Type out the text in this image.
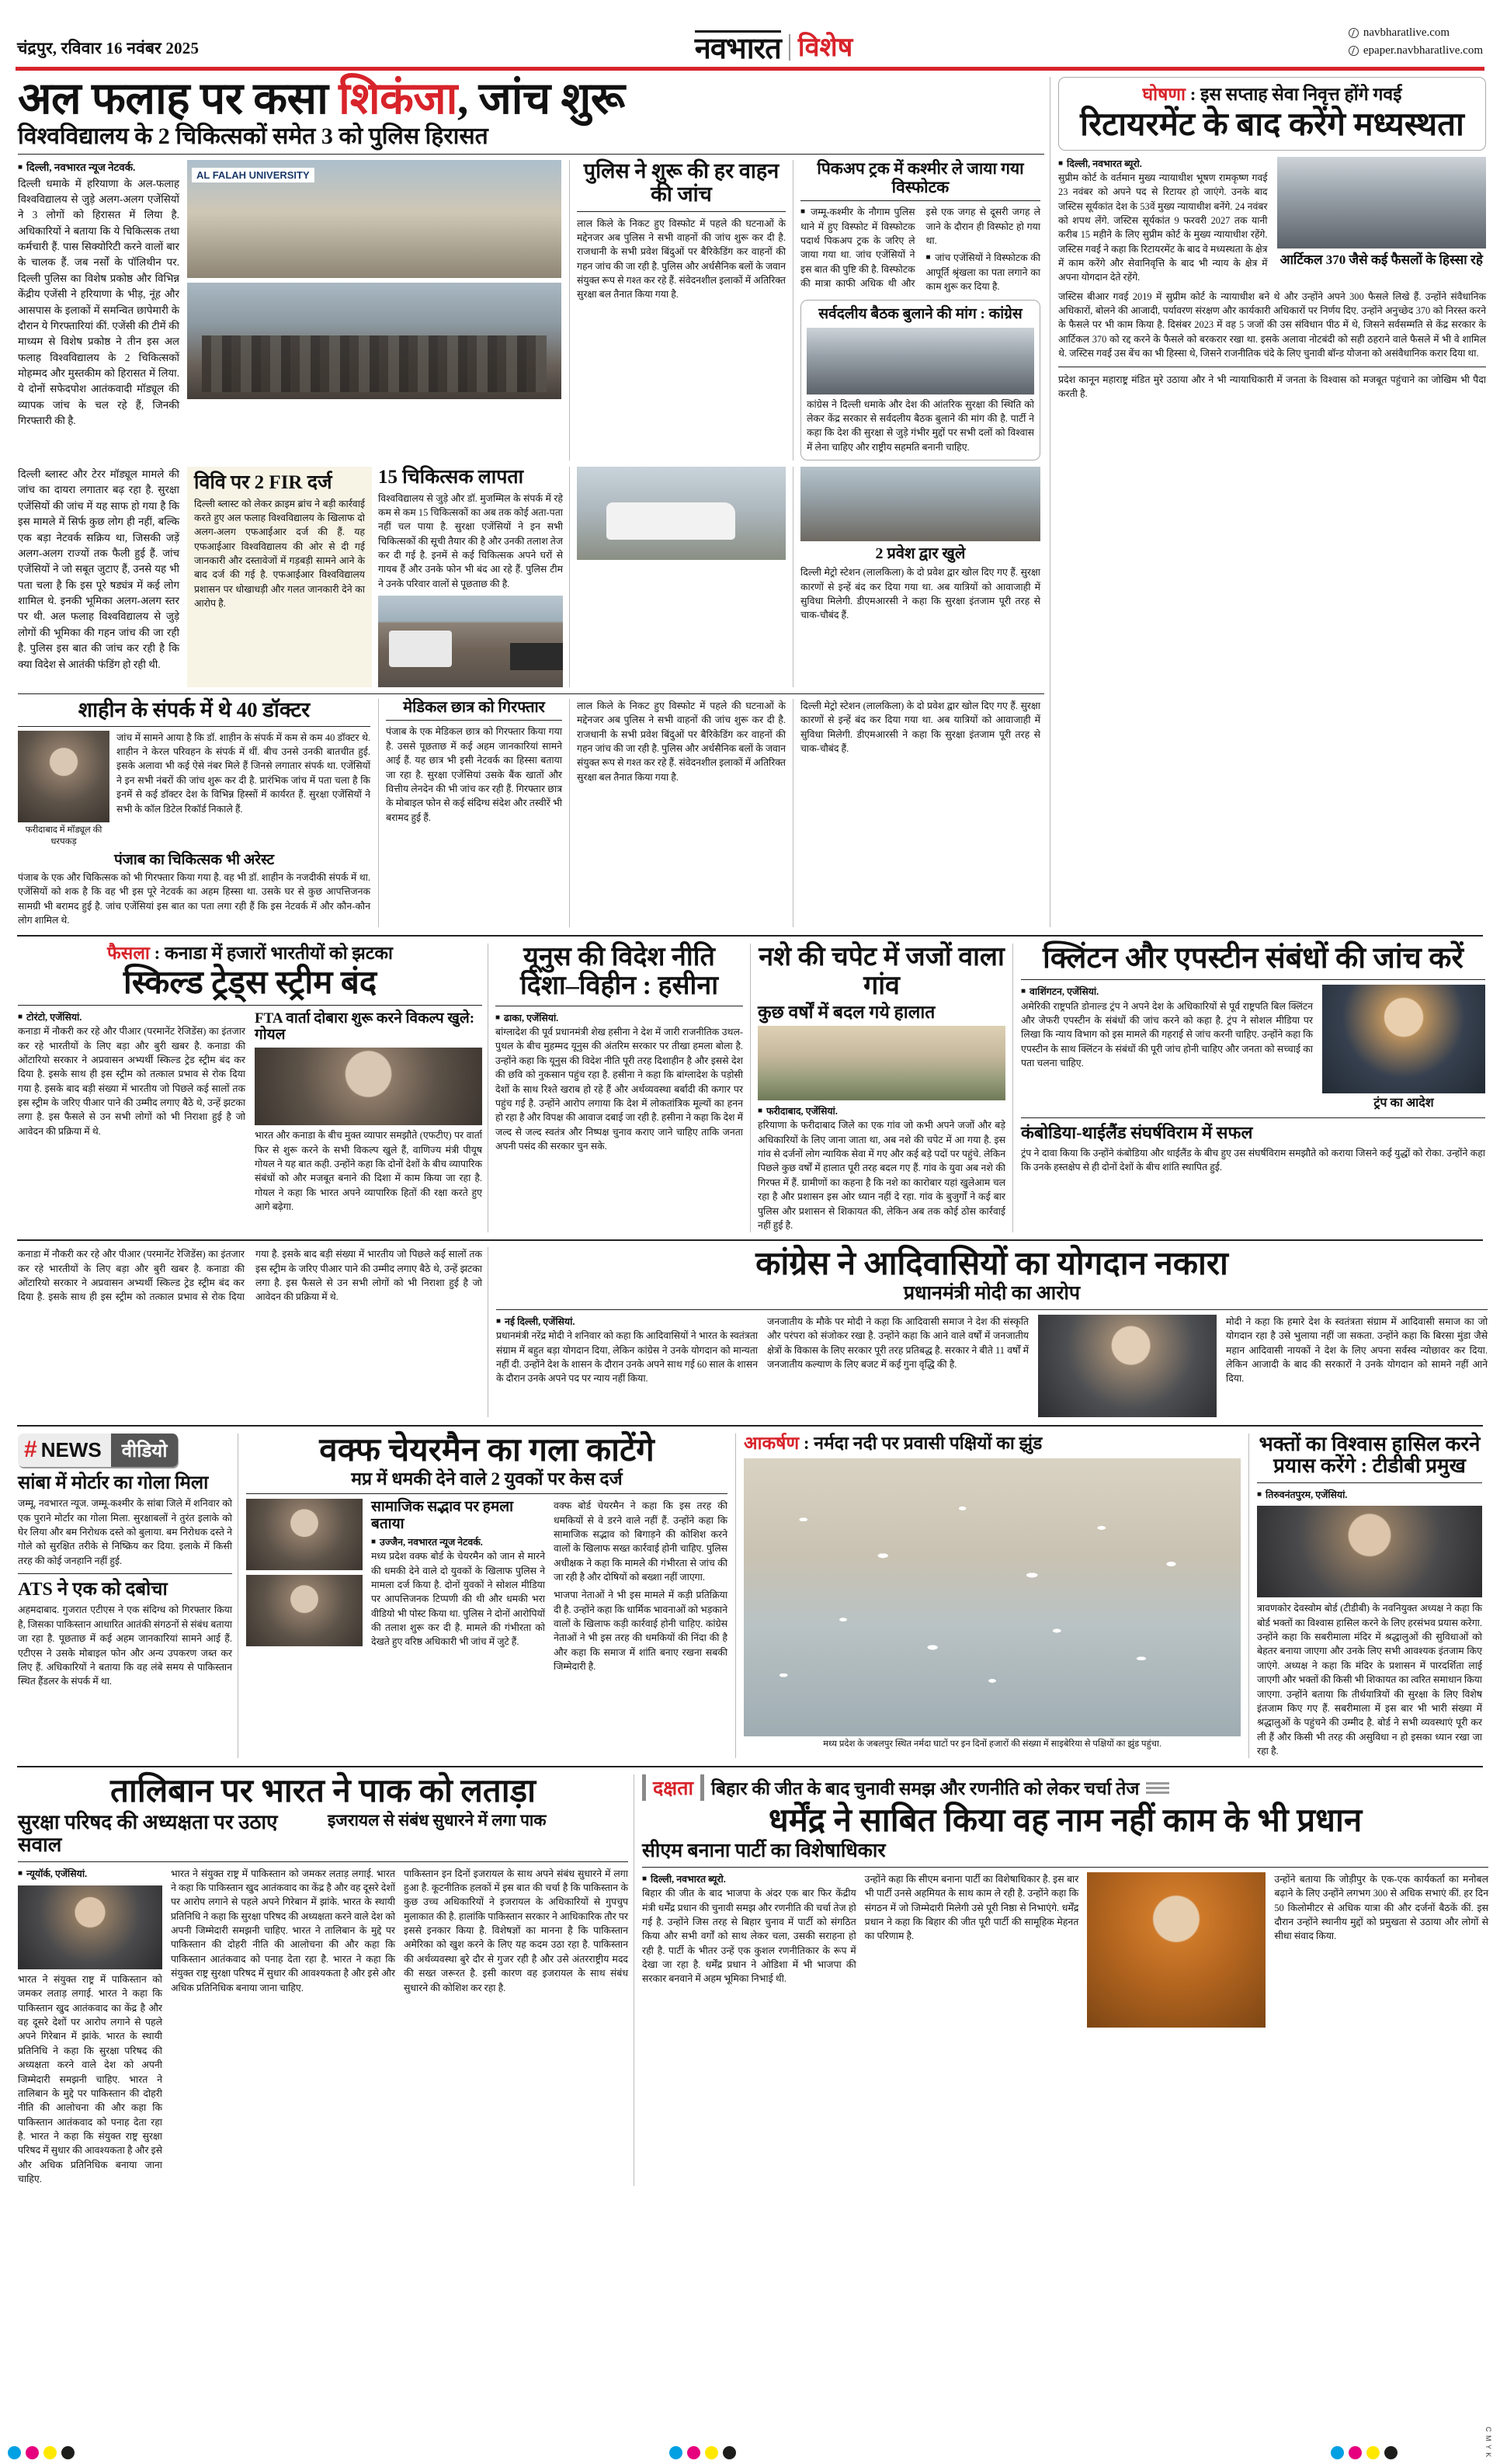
चंद्रपुर, रविवार 16 नवंबर 2025	नवभारत विशेष	navbharatlive.com
epaper.navbharatlive.com
अल फलाह पर कसा शिकंजा, जांच शुरू
विश्वविद्यालय के 2 चिकित्सकों समेत 3 को पुलिस हिरासत
■ दिल्ली, नवभारत न्यूज नेटवर्क.
दिल्ली धमाके में हरियाणा के अल-फलाह विश्वविद्यालय से जुड़े अलग-अलग एजेंसियों ने 3 लोगों को हिरासत में लिया है. अधिकारियों ने बताया कि ये चिकित्सक तथा कर्मचारी हैं. पास सिक्योरिटी करने वालों बार के चालक हैं. जब नर्सों के पॉलिथीन पर. दिल्ली पुलिस का विशेष प्रकोष्ठ और विभिन्न केंद्रीय एजेंसी ने हरियाणा के भीड़, नूंह और आसपास के इलाकों में समन्वित छापेमारी के दौरान ये गिरफ्तारियां कीं. एजेंसी की टीमें की माध्यम से विशेष प्रकोष्ठ ने तीन इस अल फलाह विश्वविद्यालय के 2 चिकित्सकों मोहम्मद और मुस्तकीम को हिरासत में लिया. ये दोनों सफेदपोश आतंकवादी मॉड्यूल की व्यापक जांच के चल रहे हैं, जिनकी गिरफ्तारी की है.
AL FALAH UNIVERSITY	पुलिस ने शुरू की हर वाहन की जांच
लाल किले के निकट हुए विस्फोट में पहले की घटनाओं के मद्देनजर अब पुलिस ने सभी वाहनों की जांच शुरू कर दी है. राजधानी के सभी प्रवेश बिंदुओं पर बैरिकेडिंग कर वाहनों की गहन जांच की जा रही है. पुलिस और अर्धसैनिक बलों के जवान संयुक्त रूप से गश्त कर रहे हैं. संवेदनशील इलाकों में अतिरिक्त सुरक्षा बल तैनात किया गया है.
पिकअप ट्रक में कश्मीर ले जाया गया विस्फोटक
■ जम्मू-कश्मीर के नौगाम पुलिस थाने में हुए विस्फोट में विस्फोटक पदार्थ पिकअप ट्रक के जरिए ले जाया गया था. जांच एजेंसियों ने इस बात की पुष्टि की है. विस्फोटक की मात्रा काफी अधिक थी और इसे एक जगह से दूसरी जगह ले जाने के दौरान ही विस्फोट हो गया था.
■ जांच एजेंसियों ने विस्फोटक की आपूर्ति श्रृंखला का पता लगाने का काम शुरू कर दिया है.
सर्वदलीय बैठक बुलाने की मांग : कांग्रेस
कांग्रेस ने दिल्ली धमाके और देश की आंतरिक सुरक्षा की स्थिति को लेकर केंद्र सरकार से सर्वदलीय बैठक बुलाने की मांग की है. पार्टी ने कहा कि देश की सुरक्षा से जुड़े गंभीर मुद्दों पर सभी दलों को विश्वास में लेना चाहिए और राष्ट्रीय सहमति बनानी चाहिए.
दिल्ली ब्लास्ट और टेरर मॉड्यूल मामले की जांच का दायरा लगातार बढ़ रहा है. सुरक्षा एजेंसियों की जांच में यह साफ हो गया है कि इस मामले में सिर्फ कुछ लोग ही नहीं, बल्कि एक बड़ा नेटवर्क सक्रिय था, जिसकी जड़ें अलग-अलग राज्यों तक फैली हुई हैं. जांच एजेंसियों ने जो सबूत जुटाए हैं, उनसे यह भी पता चला है कि इस पूरे षड्यंत्र में कई लोग शामिल थे. इनकी भूमिका अलग-अलग स्तर पर थी. अल फलाह विश्वविद्यालय से जुड़े लोगों की भूमिका की गहन जांच की जा रही है. पुलिस इस बात की जांच कर रही है कि क्या विदेश से आतंकी फंडिंग हो रही थी.
विवि पर 2 FIR दर्ज
दिल्ली ब्लास्ट को लेकर क्राइम ब्रांच ने बड़ी कार्रवाई करते हुए अल फलाह विश्वविद्यालय के खिलाफ दो अलग-अलग एफआईआर दर्ज की हैं. यह एफआईआर विश्वविद्यालय की ओर से दी गई जानकारी और दस्तावेजों में गड़बड़ी सामने आने के बाद दर्ज की गई है. एफआईआर विश्वविद्यालय प्रशासन पर धोखाधड़ी और गलत जानकारी देने का आरोप है.
15 चिकित्सक लापता
विश्वविद्यालय से जुड़े और डॉ. मुजम्मिल के संपर्क में रहे कम से कम 15 चिकित्सकों का अब तक कोई अता-पता नहीं चल पाया है. सुरक्षा एजेंसियों ने इन सभी चिकित्सकों की सूची तैयार की है और उनकी तलाश तेज कर दी गई है. इनमें से कई चिकित्सक अपने घरों से गायब हैं और उनके फोन भी बंद आ रहे हैं. पुलिस टीम ने उनके परिवार वालों से पूछताछ की है.
2 प्रवेश द्वार खुले
दिल्ली मेट्रो स्टेशन (लालकिला) के दो प्रवेश द्वार खोल दिए गए हैं. सुरक्षा कारणों से इन्हें बंद कर दिया गया था. अब यात्रियों को आवाजाही में सुविधा मिलेगी. डीएमआरसी ने कहा कि सुरक्षा इंतजाम पूरी तरह से चाक-चौबंद हैं.
शाहीन के संपर्क में थे 40 डॉक्टर
फरीदाबाद में मॉड्यूल की धरपकड़
जांच में सामने आया है कि डॉ. शाहीन के संपर्क में कम से कम 40 डॉक्टर थे. शाहीन ने केरल परिवहन के संपर्क में थीं. बीच उनसे उनकी बातचीत हुई. इसके अलावा भी कई ऐसे नंबर मिले हैं जिनसे लगातार संपर्क था. एजेंसियों ने इन सभी नंबरों की जांच शुरू कर दी है. प्रारंभिक जांच में पता चला है कि इनमें से कई डॉक्टर देश के विभिन्न हिस्सों में कार्यरत हैं. सुरक्षा एजेंसियों ने सभी के कॉल डिटेल रिकॉर्ड निकाले हैं.
पंजाब का चिकित्सक भी अरेस्ट
पंजाब के एक और चिकित्सक को भी गिरफ्तार किया गया है. वह भी डॉ. शाहीन के नजदीकी संपर्क में था. एजेंसियों को शक है कि वह भी इस पूरे नेटवर्क का अहम हिस्सा था. उसके घर से कुछ आपत्तिजनक सामग्री भी बरामद हुई है. जांच एजेंसियां इस बात का पता लगा रही हैं कि इस नेटवर्क में और कौन-कौन लोग शामिल थे.
मेडिकल छात्र को गिरफ्तार
पंजाब के एक मेडिकल छात्र को गिरफ्तार किया गया है. उससे पूछताछ में कई अहम जानकारियां सामने आई हैं. यह छात्र भी इसी नेटवर्क का हिस्सा बताया जा रहा है. सुरक्षा एजेंसियां उसके बैंक खातों और वित्तीय लेनदेन की भी जांच कर रही हैं. गिरफ्तार छात्र के मोबाइल फोन से कई संदिग्ध संदेश और तस्वीरें भी बरामद हुई हैं.
लाल किले के निकट हुए विस्फोट में पहले की घटनाओं के मद्देनजर अब पुलिस ने सभी वाहनों की जांच शुरू कर दी है. राजधानी के सभी प्रवेश बिंदुओं पर बैरिकेडिंग कर वाहनों की गहन जांच की जा रही है. पुलिस और अर्धसैनिक बलों के जवान संयुक्त रूप से गश्त कर रहे हैं. संवेदनशील इलाकों में अतिरिक्त सुरक्षा बल तैनात किया गया है.
दिल्ली मेट्रो स्टेशन (लालकिला) के दो प्रवेश द्वार खोल दिए गए हैं. सुरक्षा कारणों से इन्हें बंद कर दिया गया था. अब यात्रियों को आवाजाही में सुविधा मिलेगी. डीएमआरसी ने कहा कि सुरक्षा इंतजाम पूरी तरह से चाक-चौबंद हैं.
घोषणा : इस सप्ताह सेवा निवृत्त होंगे गवई
रिटायरमेंट के बाद करेंगे मध्यस्थता
■ दिल्ली, नवभारत ब्यूरो.
सुप्रीम कोर्ट के वर्तमान मुख्य न्यायाधीश भूषण रामकृष्ण गवई 23 नवंबर को अपने पद से रिटायर हो जाएंगे. उनके बाद जस्टिस सूर्यकांत देश के 53वें मुख्य न्यायाधीश बनेंगे. 24 नवंबर को शपथ लेंगे. जस्टिस सूर्यकांत 9 फरवरी 2027 तक यानी करीब 15 महीने के लिए सुप्रीम कोर्ट के मुख्य न्यायाधीश रहेंगे. जस्टिस गवई ने कहा कि रिटायरमेंट के बाद वे मध्यस्थता के क्षेत्र में काम करेंगे और सेवानिवृत्ति के बाद भी न्याय के क्षेत्र में अपना योगदान देते रहेंगे.
आर्टिकल 370 जैसे कई फैसलों के हिस्सा रहे
जस्टिस बीआर गवई 2019 में सुप्रीम कोर्ट के न्यायाधीश बने थे और उन्होंने अपने 300 फैसले लिखे हैं. उन्होंने संवैधानिक अधिकारों, बोलने की आजादी, पर्यावरण संरक्षण और कार्यकारी अधिकारों पर निर्णय दिए. उन्होंने अनुच्छेद 370 को निरस्त करने के फैसले पर भी काम किया है. दिसंबर 2023 में वह 5 जजों की उस संविधान पीठ में थे, जिसने सर्वसम्मति से केंद्र सरकार के आर्टिकल 370 को रद्द करने के फैसले को बरकरार रखा था. इसके अलावा नोटबंदी को सही ठहराने वाले फैसले में भी वे शामिल थे. जस्टिस गवई उस बेंच का भी हिस्सा थे, जिसने राजनीतिक चंदे के लिए चुनावी बॉन्ड योजना को असंवैधानिक करार दिया था.
प्रदेश कानून महाराष्ट्र्र मंडित मुरे उठाया और ने भी न्यायाधिकारी में जनता के विश्वास को मजबूत पहुंचाने का जोखिम भी पैदा करती है.
फैसला : कनाडा में हजारों भारतीयों को झटका
स्किल्ड ट्रेड्स स्ट्रीम बंद
■ टोरंटो, एजेंसियां.
कनाडा में नौकरी कर रहे और पीआर (परमानेंट रेजिडेंस) का इंतजार कर रहे भारतीयों के लिए बड़ा और बुरी खबर है. कनाडा की ओंटारियो सरकार ने अप्रवासन अभ्यर्थी स्किल्ड ट्रेड स्ट्रीम बंद कर दिया है. इसके साथ ही इस स्ट्रीम को तत्काल प्रभाव से रोक दिया गया है. इसके बाद बड़ी संख्या में भारतीय जो पिछले कई सालों तक इस स्ट्रीम के जरिए पीआर पाने की उम्मीद लगाए बैठे थे, उन्हें झटका लगा है. इस फैसले से उन सभी लोगों को भी निराशा हुई है जो आवेदन की प्रक्रिया में थे.
FTA वार्ता दोबारा शुरू करने विकल्प खुले: गोयल
भारत और कनाडा के बीच मुक्त व्यापार समझौते (एफटीए) पर वार्ता फिर से शुरू करने के सभी विकल्प खुले हैं, वाणिज्य मंत्री पीयूष गोयल ने यह बात कही. उन्होंने कहा कि दोनों देशों के बीच व्यापारिक संबंधों को और मजबूत बनाने की दिशा में काम किया जा रहा है. गोयल ने कहा कि भारत अपने व्यापारिक हितों की रक्षा करते हुए आगे बढ़ेगा.
यूनुस की विदेश नीति दिशा–विहीन : हसीना
■ ढाका, एजेंसियां.
बांग्लादेश की पूर्व प्रधानमंत्री शेख हसीना ने देश में जारी राजनीतिक उथल-पुथल के बीच मुहम्मद यूनुस की अंतरिम सरकार पर तीखा हमला बोला है. उन्होंने कहा कि यूनुस की विदेश नीति पूरी तरह दिशाहीन है और इससे देश की छवि को नुकसान पहुंच रहा है. हसीना ने कहा कि बांग्लादेश के पड़ोसी देशों के साथ रिश्ते खराब हो रहे हैं और अर्थव्यवस्था बर्बादी की कगार पर पहुंच गई है. उन्होंने आरोप लगाया कि देश में लोकतांत्रिक मूल्यों का हनन हो रहा है और विपक्ष की आवाज दबाई जा रही है. हसीना ने कहा कि देश में जल्द से जल्द स्वतंत्र और निष्पक्ष चुनाव कराए जाने चाहिए ताकि जनता अपनी पसंद की सरकार चुन सके.
नशे की चपेट में जजों वाला गांव
कुछ वर्षों में बदल गये हालात
■ फरीदाबाद, एजेंसियां.
हरियाणा के फरीदाबाद जिले का एक गांव जो कभी अपने जजों और बड़े अधिकारियों के लिए जाना जाता था, अब नशे की चपेट में आ गया है. इस गांव से दर्जनों लोग न्यायिक सेवा में गए और कई बड़े पदों पर पहुंचे. लेकिन पिछले कुछ वर्षों में हालात पूरी तरह बदल गए हैं. गांव के युवा अब नशे की गिरफ्त में हैं. ग्रामीणों का कहना है कि नशे का कारोबार यहां खुलेआम चल रहा है और प्रशासन इस ओर ध्यान नहीं दे रहा. गांव के बुजुर्गों ने कई बार पुलिस और प्रशासन से शिकायत की, लेकिन अब तक कोई ठोस कार्रवाई नहीं हुई है.
क्लिंटन और एपस्टीन संबंधों की जांच करें
■ वाशिंगटन, एजेंसियां.
अमेरिकी राष्ट्रपति डोनाल्ड ट्रंप ने अपने देश के अधिकारियों से पूर्व राष्ट्रपति बिल क्लिंटन और जेफरी एपस्टीन के संबंधों की जांच करने को कहा है. ट्रंप ने सोशल मीडिया पर लिखा कि न्याय विभाग को इस मामले की गहराई से जांच करनी चाहिए. उन्होंने कहा कि एपस्टीन के साथ क्लिंटन के संबंधों की पूरी जांच होनी चाहिए और जनता को सच्चाई का पता चलना चाहिए.
ट्रंप का आदेश
कंबोडिया-थाईलैंड संघर्षविराम में सफल
ट्रंप ने दावा किया कि उन्होंने कंबोडिया और थाईलैंड के बीच हुए उस संघर्षविराम समझौते को कराया जिसने कई युद्धों को रोका. उन्होंने कहा कि उनके हस्तक्षेप से ही दोनों देशों के बीच शांति स्थापित हुई.
कनाडा में नौकरी कर रहे और पीआर (परमानेंट रेजिडेंस) का इंतजार कर रहे भारतीयों के लिए बड़ा और बुरी खबर है. कनाडा की ओंटारियो सरकार ने अप्रवासन अभ्यर्थी स्किल्ड ट्रेड स्ट्रीम बंद कर दिया है. इसके साथ ही इस स्ट्रीम को तत्काल प्रभाव से रोक दिया गया है. इसके बाद बड़ी संख्या में भारतीय जो पिछले कई सालों तक इस स्ट्रीम के जरिए पीआर पाने की उम्मीद लगाए बैठे थे, उन्हें झटका लगा है. इस फैसले से उन सभी लोगों को भी निराशा हुई है जो आवेदन की प्रक्रिया में थे.
कांग्रेस ने आदिवासियों का योगदान नकारा
प्रधानमंत्री मोदी का आरोप
■ नई दिल्ली, एजेंसियां.
प्रधानमंत्री नरेंद्र मोदी ने शनिवार को कहा कि आदिवासियों ने भारत के स्वतंत्रता संग्राम में बहुत बड़ा योगदान दिया, लेकिन कांग्रेस ने उनके योगदान को मान्यता नहीं दी. उन्होंने देश के शासन के दौरान उनके अपने साथ गई 60 साल के शासन के दौरान उनके अपने पद पर न्याय नहीं किया.
जनजातीय के मौके पर मोदी ने कहा कि आदिवासी समाज ने देश की संस्कृति और परंपरा को संजोकर रखा है. उन्होंने कहा कि आने वाले वर्षों में जनजातीय क्षेत्रों के विकास के लिए सरकार पूरी तरह प्रतिबद्ध है. सरकार ने बीते 11 वर्षों में जनजातीय कल्याण के लिए बजट में कई गुना वृद्धि की है.
मोदी ने कहा कि हमारे देश के स्वतंत्रता संग्राम में आदिवासी समाज का जो योगदान रहा है उसे भुलाया नहीं जा सकता. उन्होंने कहा कि बिरसा मुंडा जैसे महान आदिवासी नायकों ने देश के लिए अपना सर्वस्व न्योछावर कर दिया. लेकिन आजादी के बाद की सरकारों ने उनके योगदान को सामने नहीं आने दिया.
# NEWS	वीडियो
सांबा में मोर्टार का गोला मिला
जम्मू, नवभारत न्यूज. जम्मू-कश्मीर के सांबा जिले में शनिवार को एक पुराने मोर्टार का गोला मिला. सुरक्षाबलों ने तुरंत इलाके को घेर लिया और बम निरोधक दस्ते को बुलाया. बम निरोधक दस्ते ने गोले को सुरक्षित तरीके से निष्क्रिय कर दिया. इलाके में किसी तरह की कोई जनहानि नहीं हुई.
ATS ने एक को दबोचा
अहमदाबाद. गुजरात एटीएस ने एक संदिग्ध को गिरफ्तार किया है, जिसका पाकिस्तान आधारित आतंकी संगठनों से संबंध बताया जा रहा है. पूछताछ में कई अहम जानकारियां सामने आई हैं. एटीएस ने उसके मोबाइल फोन और अन्य उपकरण जब्त कर लिए हैं. अधिकारियों ने बताया कि वह लंबे समय से पाकिस्तान स्थित हैंडलर के संपर्क में था.
वक्फ चेयरमैन का गला काटेंगे
मप्र में धमकी देने वाले 2 युवकों पर केस दर्ज
सामाजिक सद्भाव पर हमला बताया
■ उज्जैन, नवभारत न्यूज नेटवर्क.
मध्य प्रदेश वक्फ बोर्ड के चेयरमैन को जान से मारने की धमकी देने वाले दो युवकों के खिलाफ पुलिस ने मामला दर्ज किया है. दोनों युवकों ने सोशल मीडिया पर आपत्तिजनक टिप्पणी की थी और धमकी भरा वीडियो भी पोस्ट किया था. पुलिस ने दोनों आरोपियों की तलाश शुरू कर दी है. मामले की गंभीरता को देखते हुए वरिष्ठ अधिकारी भी जांच में जुटे हैं.
वक्फ बोर्ड चेयरमैन ने कहा कि इस तरह की धमकियों से वे डरने वाले नहीं हैं. उन्होंने कहा कि सामाजिक सद्भाव को बिगाड़ने की कोशिश करने वालों के खिलाफ सख्त कार्रवाई होनी चाहिए. पुलिस अधीक्षक ने कहा कि मामले की गंभीरता से जांच की जा रही है और दोषियों को बख्शा नहीं जाएगा.
भाजपा नेताओं ने भी इस मामले में कड़ी प्रतिक्रिया दी है. उन्होंने कहा कि धार्मिक भावनाओं को भड़काने वालों के खिलाफ कड़ी कार्रवाई होनी चाहिए. कांग्रेस नेताओं ने भी इस तरह की धमकियों की निंदा की है और कहा कि समाज में शांति बनाए रखना सबकी जिम्मेदारी है.
आकर्षण : नर्मदा नदी पर प्रवासी पक्षियों का झुंड
मध्य प्रदेश के जबलपुर स्थित नर्मदा घाटों पर इन दिनों हजारों की संख्या में साइबेरिया से पक्षियों का झुंड पहुंचा.
भक्तों का विश्वास हासिल करने प्रयास करेंगे : टीडीबी प्रमुख
■ तिरुवनंतपुरम, एजेंसियां.
त्रावणकोर देवस्वोम बोर्ड (टीडीबी) के नवनियुक्त अध्यक्ष ने कहा कि बोर्ड भक्तों का विश्वास हासिल करने के लिए हरसंभव प्रयास करेगा. उन्होंने कहा कि सबरीमाला मंदिर में श्रद्धालुओं की सुविधाओं को बेहतर बनाया जाएगा और उनके लिए सभी आवश्यक इंतजाम किए जाएंगे. अध्यक्ष ने कहा कि मंदिर के प्रशासन में पारदर्शिता लाई जाएगी और भक्तों की किसी भी शिकायत का त्वरित समाधान किया जाएगा. उन्होंने बताया कि तीर्थयात्रियों की सुरक्षा के लिए विशेष इंतजाम किए गए हैं. सबरीमाला में इस बार भी भारी संख्या में श्रद्धालुओं के पहुंचने की उम्मीद है. बोर्ड ने सभी व्यवस्थाएं पूरी कर ली हैं और किसी भी तरह की असुविधा न हो इसका ध्यान रखा जा रहा है.
तालिबान पर भारत ने पाक को लताड़ा
सुरक्षा परिषद की अध्यक्षता पर उठाए सवाल
इजरायल से संबंध सुधारने में लगा पाक
■ न्यूयॉर्क, एजेंसियां.
भारत ने संयुक्त राष्ट्र में पाकिस्तान को जमकर लताड़ लगाई. भारत ने कहा कि पाकिस्तान खुद आतंकवाद का केंद्र है और वह दूसरे देशों पर आरोप लगाने से पहले अपने गिरेबान में झांके. भारत के स्थायी प्रतिनिधि ने कहा कि सुरक्षा परिषद की अध्यक्षता करने वाले देश को अपनी जिम्मेदारी समझनी चाहिए. भारत ने तालिबान के मुद्दे पर पाकिस्तान की दोहरी नीति की आलोचना की और कहा कि पाकिस्तान आतंकवाद को पनाह देता रहा है. भारत ने कहा कि संयुक्त राष्ट्र सुरक्षा परिषद में सुधार की आवश्यकता है और इसे और अधिक प्रतिनिधिक बनाया जाना चाहिए.
भारत ने संयुक्त राष्ट्र में पाकिस्तान को जमकर लताड़ लगाई. भारत ने कहा कि पाकिस्तान खुद आतंकवाद का केंद्र है और वह दूसरे देशों पर आरोप लगाने से पहले अपने गिरेबान में झांके. भारत के स्थायी प्रतिनिधि ने कहा कि सुरक्षा परिषद की अध्यक्षता करने वाले देश को अपनी जिम्मेदारी समझनी चाहिए. भारत ने तालिबान के मुद्दे पर पाकिस्तान की दोहरी नीति की आलोचना की और कहा कि पाकिस्तान आतंकवाद को पनाह देता रहा है. भारत ने कहा कि संयुक्त राष्ट्र सुरक्षा परिषद में सुधार की आवश्यकता है और इसे और अधिक प्रतिनिधिक बनाया जाना चाहिए.
पाकिस्तान इन दिनों इजरायल के साथ अपने संबंध सुधारने में लगा हुआ है. कूटनीतिक हलकों में इस बात की चर्चा है कि पाकिस्तान के कुछ उच्च अधिकारियों ने इजरायल के अधिकारियों से गुपचुप मुलाकात की है. हालांकि पाकिस्तान सरकार ने आधिकारिक तौर पर इससे इनकार किया है. विशेषज्ञों का मानना है कि पाकिस्तान अमेरिका को खुश करने के लिए यह कदम उठा रहा है. पाकिस्तान की अर्थव्यवस्था बुरे दौर से गुजर रही है और उसे अंतरराष्ट्रीय मदद की सख्त जरूरत है. इसी कारण वह इजरायल के साथ संबंध सुधारने की कोशिश कर रहा है.
दक्षता बिहार की जीत के बाद चुनावी समझ और रणनीति को लेकर चर्चा तेज
धर्मेंद्र ने साबित किया वह नाम नहीं काम के भी प्रधान
सीएम बनाना पार्टी का विशेषाधिकार
■ दिल्ली, नवभारत ब्यूरो.
बिहार की जीत के बाद भाजपा के अंदर एक बार फिर केंद्रीय मंत्री धर्मेंद्र प्रधान की चुनावी समझ और रणनीति की चर्चा तेज हो गई है. उन्होंने जिस तरह से बिहार चुनाव में पार्टी को संगठित किया और सभी वर्गों को साथ लेकर चला, उसकी सराहना हो रही है. पार्टी के भीतर उन्हें एक कुशल रणनीतिकार के रूप में देखा जा रहा है. धर्मेंद्र प्रधान ने ओडिशा में भी भाजपा की सरकार बनवाने में अहम भूमिका निभाई थी.
उन्होंने कहा कि सीएम बनाना पार्टी का विशेषाधिकार है. इस बार भी पार्टी उनसे अहमियत के साथ काम ले रही है. उन्होंने कहा कि संगठन में जो जिम्मेदारी मिलेगी उसे पूरी निष्ठा से निभाएंगे. धर्मेंद्र प्रधान ने कहा कि बिहार की जीत पूरी पार्टी की सामूहिक मेहनत का परिणाम है.
उन्होंने बताया कि जोड़ीपुर के एक-एक कार्यकर्ता का मनोबल बढ़ाने के लिए उन्होंने लगभग 300 से अधिक सभाएं कीं. हर दिन 50 किलोमीटर से अधिक यात्रा की और दर्जनों बैठकें कीं. इस दौरान उन्होंने स्थानीय मुद्दों को प्रमुखता से उठाया और लोगों से सीधा संवाद किया.
C M Y K
